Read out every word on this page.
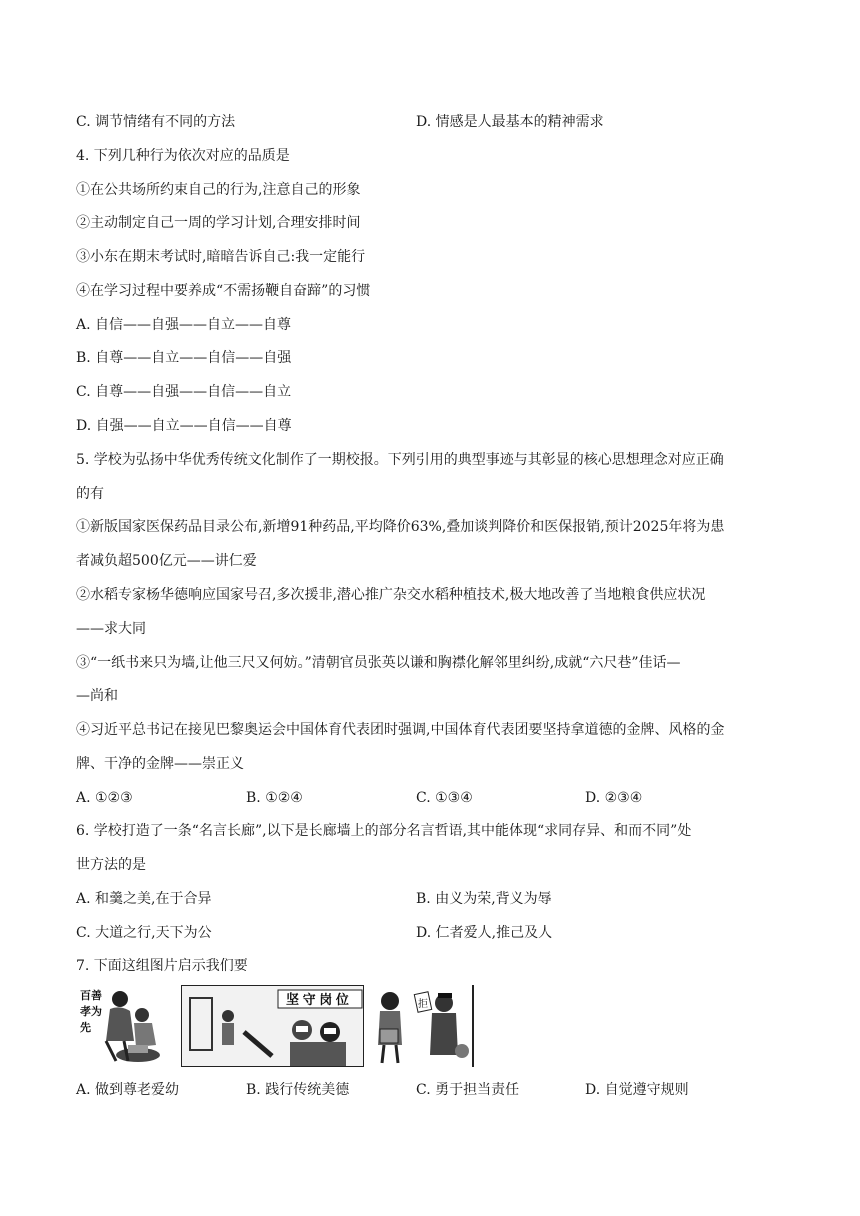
C. 调节情绪有不同的方法	D. 情感是人最基本的精神需求
4. 下列几种行为依次对应的品质是
①在公共场所约束自己的行为,注意自己的形象
②主动制定自己一周的学习计划,合理安排时间
③小东在期末考试时,暗暗告诉自己:我一定能行
④在学习过程中要养成“不需扬鞭自奋蹄”的习惯
A. 自信——自强——自立——自尊
B. 自尊——自立——自信——自强
C. 自尊——自强——自信——自立
D. 自强——自立——自信——自尊
5. 学校为弘扬中华优秀传统文化制作了一期校报。下列引用的典型事迹与其彰显的核心思想理念对应正确
的有
①新版国家医保药品目录公布,新增91种药品,平均降价63%,叠加谈判降价和医保报销,预计2025年将为患
者减负超500亿元——讲仁爱
②水稻专家杨华德响应国家号召,多次援非,潜心推广杂交水稻种植技术,极大地改善了当地粮食供应状况
——求大同
③“一纸书来只为墙,让他三尺又何妨。”清朝官员张英以谦和胸襟化解邻里纠纷,成就“六尺巷”佳话—
—尚和
④习近平总书记在接见巴黎奥运会中国体育代表团时强调,中国体育代表团要坚持拿道德的金牌、风格的金
牌、干净的金牌——崇正义
A. ①②③	B. ①②④	C. ①③④	D. ②③④
6. 学校打造了一条“名言长廊”,以下是长廊墙上的部分名言哲语,其中能体现“求同存异、和而不同”处
世方法的是
A. 和羹之美,在于合异	B. 由义为荣,背义为辱
C. 大道之行,天下为公	D. 仁者爱人,推己及人
7. 下面这组图片启示我们要
百善
孝为
先
坚 守 岗 位	拒
A. 做到尊老爱幼	B. 践行传统美德	C. 勇于担当责任	D. 自觉遵守规则
